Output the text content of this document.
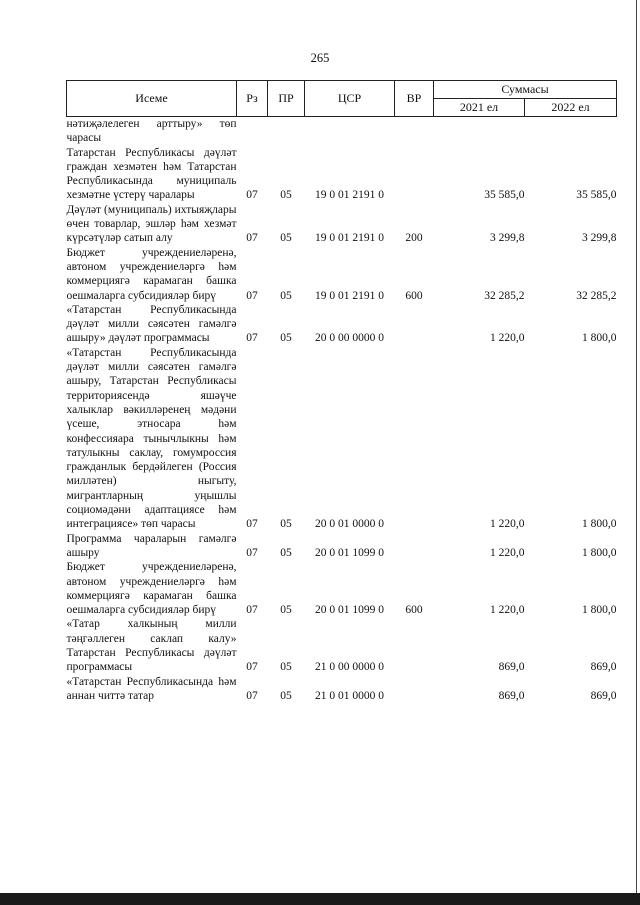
265
Исеме	Рз	ПР	ЦСР	ВР	Суммасы	
					2021 ел	2022 ел
нәтиҗәлелеген арттыру» төп чарасы						
Татарстан Республикасы дәүләт граждан хезмәтен һәм Татарстан Республикасында муниципаль хезмәтне үстерү чаралары	07	05	19 0 01 2191 0		35 585,0	35 585,0
Дәүләт (муниципаль) ихтыяҗлары өчен товарлар, эшләр һәм хезмәт күрсәтүләр сатып алу	07	05	19 0 01 2191 0	200	3 299,8	3 299,8
Бюджет учреждениеләренә, автоном учреждениеләргә һәм коммерциягә карамаган башка оешмаларга субсидияләр бирү	07	05	19 0 01 2191 0	600	32 285,2	32 285,2
«Татарстан Республикасында дәүләт милли сәясәтен гамәлгә ашыру» дәүләт программасы	07	05	20 0 00 0000 0		1 220,0	1 800,0
«Татарстан Республикасында дәүләт милли сәясәтен гамәлгә ашыру, Татарстан Республикасы территориясендә яшәүче халыклар вәкилләренең мәдәни үсеше, этносара һәм конфессияара тынычлыкны һәм татулыкны саклау, гомумроссия гражданлык бердәйлеген (Россия милләтен) ныгыту, мигрантларның уңышлы социомәдәни адаптациясе һәм интеграциясе» төп чарасы	07	05	20 0 01 0000 0		1 220,0	1 800,0
Программа чараларын гамәлгә ашыру	07	05	20 0 01 1099 0		1 220,0	1 800,0
Бюджет учреждениеләренә, автоном учреждениеләргә һәм коммерциягә карамаган башка оешмаларга субсидияләр бирү	07	05	20 0 01 1099 0	600	1 220,0	1 800,0
«Татар халкының милли тәңгәллеген саклап калу» Татарстан Республикасы дәүләт программасы	07	05	21 0 00 0000 0		869,0	869,0
«Татарстан Республикасында һәм аннан читтә татар	07	05	21 0 01 0000 0		869,0	869,0
